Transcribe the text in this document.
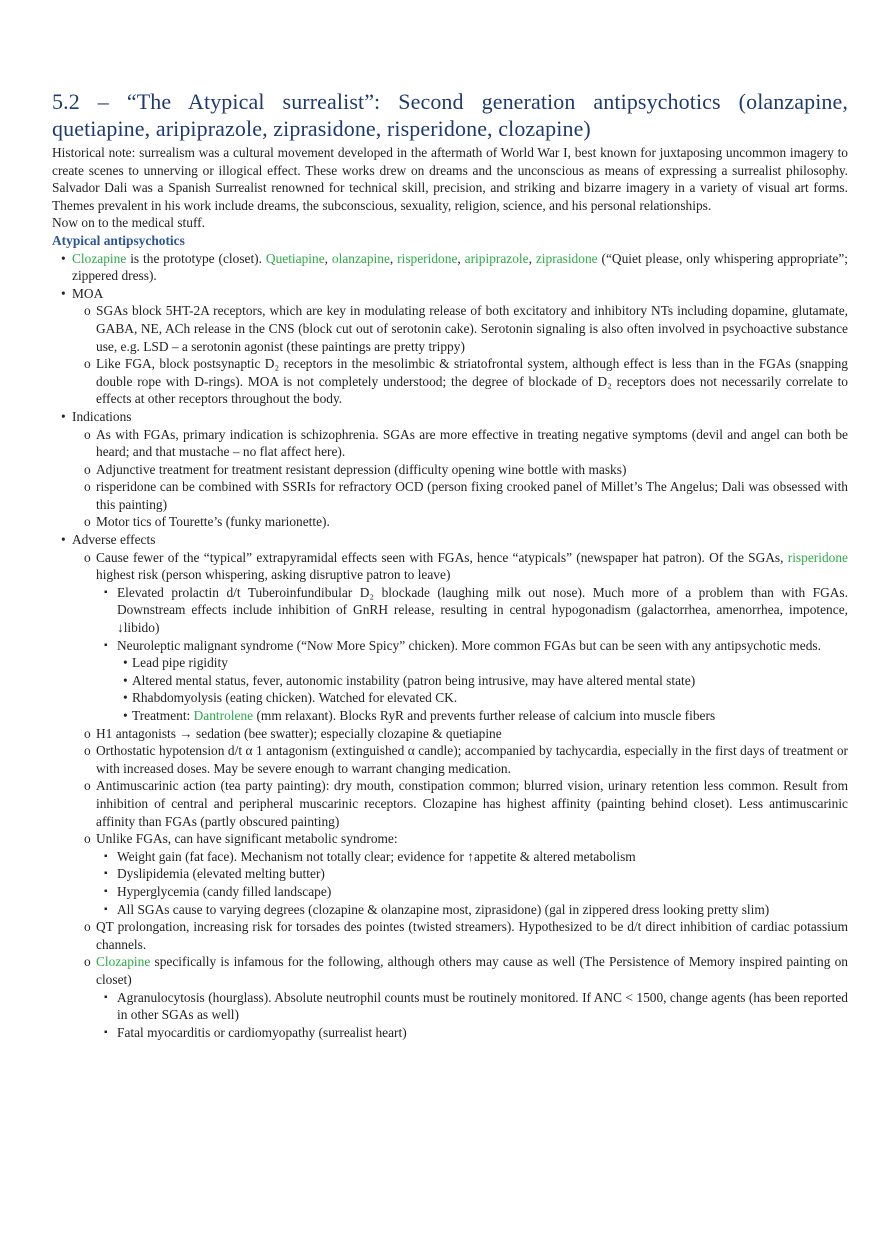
5.2 – “The Atypical surrealist”: Second generation antipsychotics (olanzapine, quetiapine, aripiprazole, ziprasidone, risperidone, clozapine)

Historical note: surrealism was a cultural movement developed in the aftermath of World War I, best known for juxtaposing uncommon imagery to create scenes to unnerving or illogical effect. These works drew on dreams and the unconscious as means of expressing a surrealist philosophy. Salvador Dali was a Spanish Surrealist renowned for technical skill, precision, and striking and bizarre imagery in a variety of visual art forms. Themes prevalent in his work include dreams, the subconscious, sexuality, religion, science, and his personal relationships.

Now on to the medical stuff.

Atypical antipsychotics
• Clozapine is the prototype (closet). Quetiapine, olanzapine, risperidone, aripiprazole, ziprasidone (“Quiet please, only whispering appropriate”; zippered dress).
• MOA
o SGAs block 5HT-2A receptors, which are key in modulating release of both excitatory and inhibitory NTs including dopamine, glutamate, GABA, NE, ACh release in the CNS (block cut out of serotonin cake). Serotonin signaling is also often involved in psychoactive substance use, e.g. LSD – a serotonin agonist (these paintings are pretty trippy)
o Like FGA, block postsynaptic D₂ receptors in the mesolimbic & striatofrontal system, although effect is less than in the FGAs (snapping double rope with D-rings). MOA is not completely understood; the degree of blockade of D₂ receptors does not necessarily correlate to effects at other receptors throughout the body.
• Indications
o As with FGAs, primary indication is schizophrenia. SGAs are more effective in treating negative symptoms (devil and angel can both be heard; and that mustache – no flat affect here).
o Adjunctive treatment for treatment resistant depression (difficulty opening wine bottle with masks)
o risperidone can be combined with SSRIs for refractory OCD (person fixing crooked panel of Millet’s The Angelus; Dali was obsessed with this painting)
o Motor tics of Tourette’s (funky marionette).
• Adverse effects
o Cause fewer of the “typical” extrapyramidal effects seen with FGAs, hence “atypicals” (newspaper hat patron). Of the SGAs, risperidone highest risk (person whispering, asking disruptive patron to leave)
▪ Elevated prolactin d/t Tuberoinfundibular D₂ blockade (laughing milk out nose). Much more of a problem than with FGAs. Downstream effects include inhibition of GnRH release, resulting in central hypogonadism (galactorrhea, amenorrhea, impotence, ↓libido)
▪ Neuroleptic malignant syndrome (“Now More Spicy” chicken). More common FGAs but can be seen with any antipsychotic meds.
• Lead pipe rigidity
• Altered mental status, fever, autonomic instability (patron being intrusive, may have altered mental state)
• Rhabdomyolysis (eating chicken). Watched for elevated CK.
• Treatment: Dantrolene (mm relaxant). Blocks RyR and prevents further release of calcium into muscle fibers
o H1 antagonists → sedation (bee swatter); especially clozapine & quetiapine
o Orthostatic hypotension d/t α 1 antagonism (extinguished α candle); accompanied by tachycardia, especially in the first days of treatment or with increased doses. May be severe enough to warrant changing medication.
o Antimuscarinic action (tea party painting): dry mouth, constipation common; blurred vision, urinary retention less common. Result from inhibition of central and peripheral muscarinic receptors. Clozapine has highest affinity (painting behind closet). Less antimuscarinic affinity than FGAs (partly obscured painting)
o Unlike FGAs, can have significant metabolic syndrome:
▪ Weight gain (fat face). Mechanism not totally clear; evidence for ↑appetite & altered metabolism
▪ Dyslipidemia (elevated melting butter)
▪ Hyperglycemia (candy filled landscape)
▪ All SGAs cause to varying degrees (clozapine & olanzapine most, ziprasidone) (gal in zippered dress looking pretty slim)
o QT prolongation, increasing risk for torsades des pointes (twisted streamers). Hypothesized to be d/t direct inhibition of cardiac potassium channels.
o Clozapine specifically is infamous for the following, although others may cause as well (The Persistence of Memory inspired painting on closet)
▪ Agranulocytosis (hourglass). Absolute neutrophil counts must be routinely monitored. If ANC < 1500, change agents (has been reported in other SGAs as well)
▪ Fatal myocarditis or cardiomyopathy (surrealist heart)
